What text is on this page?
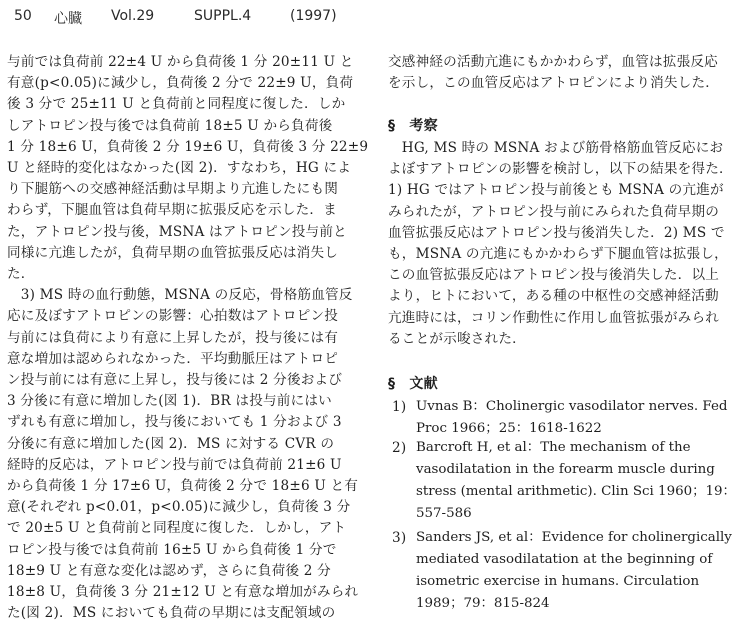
50 心臓 Vol.29	SUPPL.4	(1997)
与前では負荷前 22±4 U から負荷後 1 分 20±11 U と
有意(p<0.05)に減少し，負荷後 2 分で 22±9 U，負荷
後 3 分で 25±11 U と負荷前と同程度に復した．しか
しアトロピン投与後では負荷前 18±5 U から負荷後
1 分 18±6 U，負荷後 2 分 19±6 U，負荷後 3 分 22±9
U と経時的変化はなかった(図 2)．すなわち，HG によ
り下腿筋への交感神経活動は早期より亢進したにも関
わらず，下腿血管は負荷早期に拡張反応を示した．ま
た，アトロピン投与後，MSNA はアトロピン投与前と
同様に亢進したが，負荷早期の血管拡張反応は消失し
た．
　3) MS 時の血行動態，MSNA の反応，骨格筋血管反
応に及ぼすアトロピンの影響：心拍数はアトロピン投
与前には負荷により有意に上昇したが，投与後には有
意な増加は認められなかった．平均動脈圧はアトロピ
ン投与前には有意に上昇し，投与後には 2 分後および
3 分後に有意に増加した(図 1)．BR は投与前にはい
ずれも有意に増加し，投与後においても 1 分および 3
分後に有意に増加した(図 2)．MS に対する CVR の
経時的反応は，アトロピン投与前では負荷前 21±6 U
から負荷後 1 分 17±6 U，負荷後 2 分で 18±6 U と有
意(それぞれ p<0.01，p<0.05)に減少し，負荷後 3 分
で 20±5 U と負荷前と同程度に復した．しかし，アト
ロピン投与後では負荷前 16±5 U から負荷後 1 分で
18±9 U と有意な変化は認めず，さらに負荷後 2 分
18±8 U，負荷後 3 分 21±12 U と有意な増加がみられ
た(図 2)．MS においても負荷の早期には支配領域の
交感神経の活動亢進にもかかわらず，血管は拡張反応
を示し，この血管反応はアトロピンにより消失した．
§　考察
　HG, MS 時の MSNA および筋骨格筋血管反応にお
よぼすアトロピンの影響を検討し，以下の結果を得た．
1) HG ではアトロピン投与前後とも MSNA の亢進が
みられたが，アトロピン投与前にみられた負荷早期の
血管拡張反応はアトロピン投与後消失した．2) MS で
も，MSNA の亢進にもかかわらず下腿血管は拡張し，
この血管拡張反応はアトロピン投与後消失した．以上
より，ヒトにおいて，ある種の中枢性の交感神経活動
亢進時には，コリン作動性に作用し血管拡張がみられ
ることが示唆された．
§　文献
1) Uvnas B：Cholinergic vasodilator nerves. Fed
Proc 1966；25：1618-1622
2) Barcroft H, et al：The mechanism of the
vasodilatation in the forearm muscle during
stress (mental arithmetic). Clin Sci 1960；19：
557-586
3) Sanders JS, et al：Evidence for cholinergically
mediated vasodilatation at the beginning of
isometric exercise in humans. Circulation
1989；79：815-824
